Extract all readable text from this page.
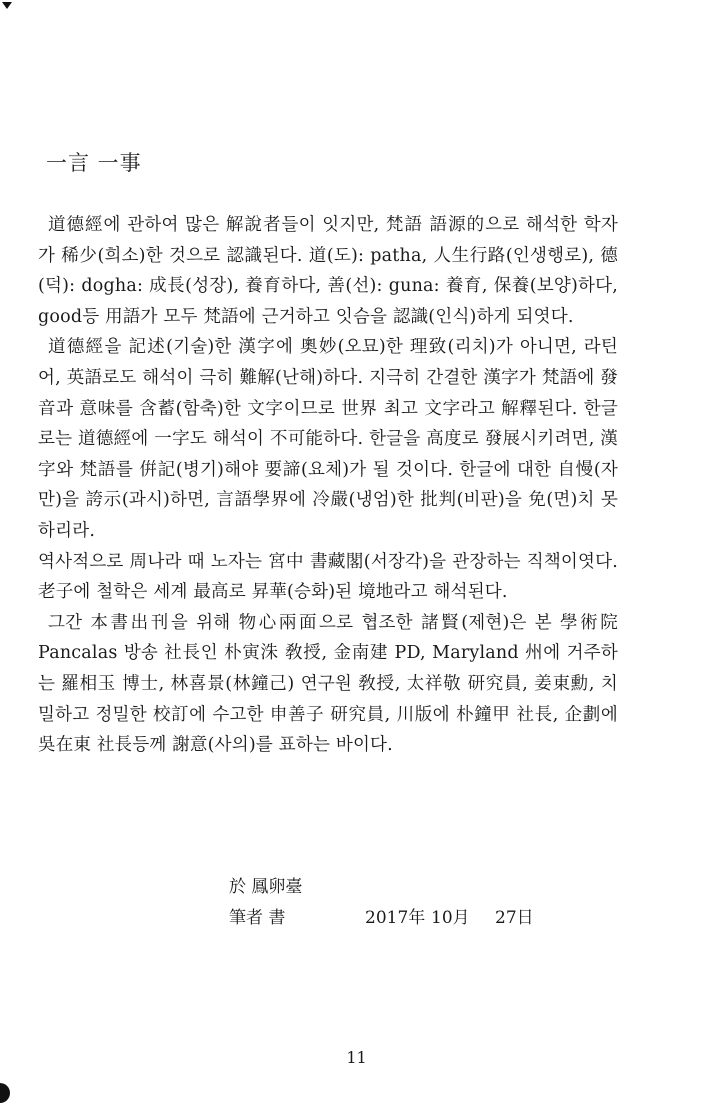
一言 一事

道德經에 관하여 많은 解說者들이 잇지만, 梵語 語源的으로 해석한 학자가 稀少(희소)한 것으로 認識된다. 道(도): patha, 人生行路(인생행로), 德(덕): dogha: 成長(성장), 養育하다, 善(선): guna: 養育, 保養(보양)하다, good등 用語가 모두 梵語에 근거하고 잇슴을 認識(인식)하게 되엿다.

道德經을 記述(기술)한 漢字에 奧妙(오묘)한 理致(리치)가 아니면, 라틴어, 英語로도 해석이 극히 難解(난해)하다. 지극히 간결한 漢字가 梵語에 發音과 意味를 含蓄(함축)한 文字이므로 世界 최고 文字라고 解釋된다. 한글로는 道德經에 一字도 해석이 不可能하다. 한글을 高度로 發展시키려면, 漢字와 梵語를 倂記(병기)해야 要諦(요체)가 될 것이다. 한글에 대한 自慢(자만)을 誇示(과시)하면, 言語學界에 冷嚴(냉엄)한 批判(비판)을 免(면)치 못하리라.

역사적으로 周나라 때 노자는 宮中 書藏閣(서장각)을 관장하는 직책이엿다. 老子에 철학은 세계 最高로 昇華(승화)된 境地라고 해석된다.

그간 本書出刊을 위해 物心兩面으로 협조한 諸賢(제현)은 본 學術院 Pancalas 방송 社長인 朴寅洙 敎授, 金南建 PD, Maryland 州에 거주하는 羅相玉 博士, 林喜景(林鐘己) 연구원 敎授, 太祥敬 研究員, 姜東勳, 치밀하고 정밀한 校訂에 수고한 申善子 研究員, 川版에 朴鐘甲 社長, 企劃에 吳在東 社長등께 謝意(사의)를 표하는 바이다.

於 鳳卵臺
筆者 書	2017年 10月 27日
11
